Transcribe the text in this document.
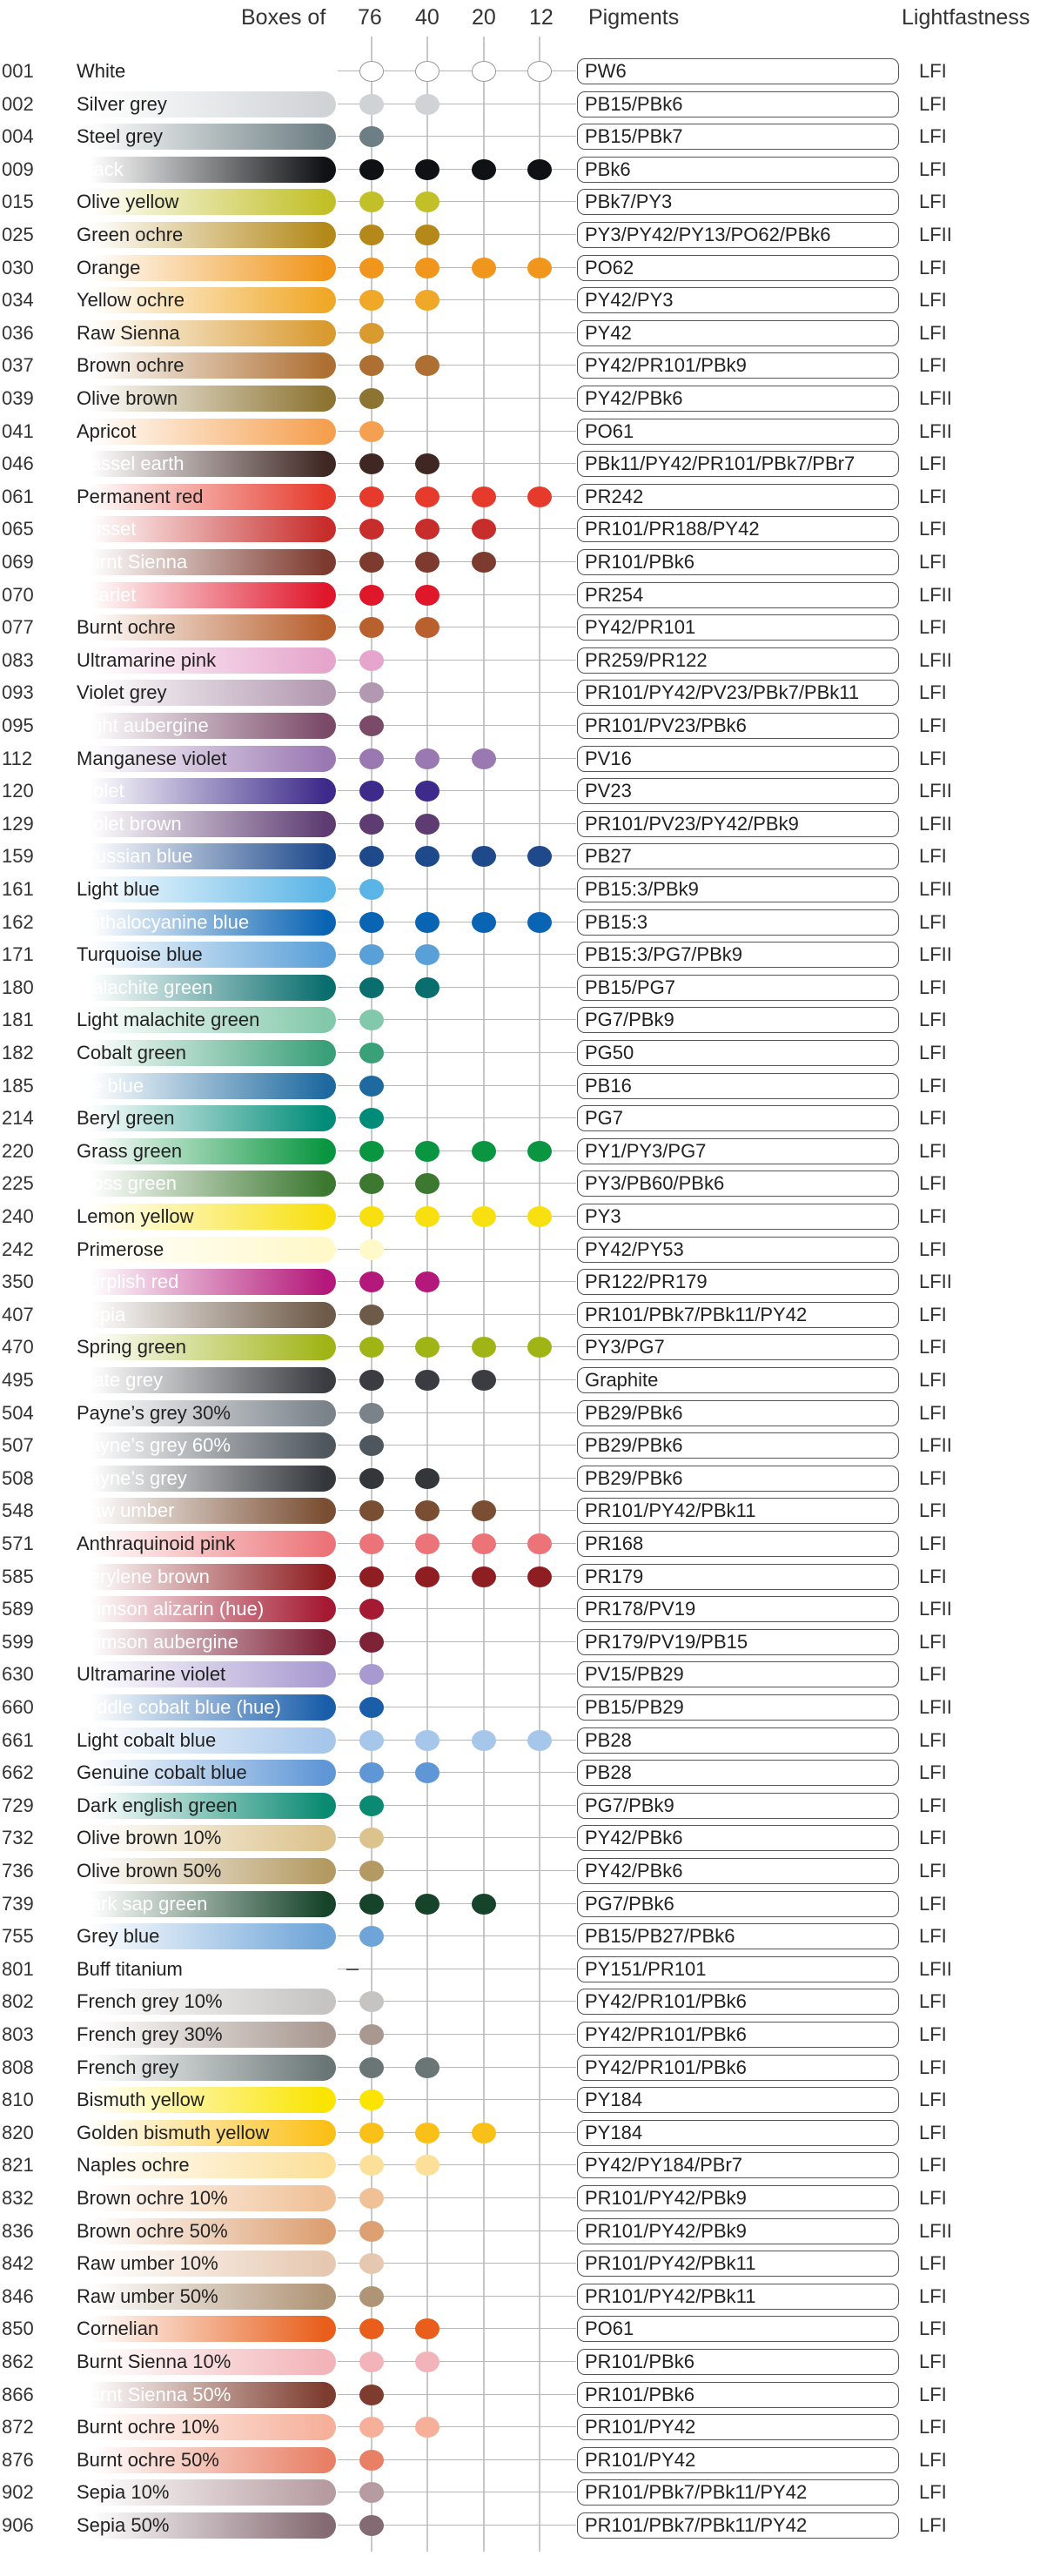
Boxes of 76 40 20 12 Pigments	Lightfastness
001	White	PW6	LFI
002	Silver grey	PB15/PBk6	LFI
004	Steel grey	PB15/PBk7	LFI
009	Black	PBk6	LFI
015	Olive yellow	PBk7/PY3	LFI
025	Green ochre	PY3/PY42/PY13/PO62/PBk6	LFII
030	Orange	PO62	LFI
034	Yellow ochre	PY42/PY3	LFI
036	Raw Sienna	PY42	LFI
037	Brown ochre	PY42/PR101/PBk9	LFI
039	Olive brown	PY42/PBk6	LFII
041	Apricot	PO61	LFII
046	Cassel earth	PBk11/PY42/PR101/PBk7/PBr7	LFI
061	Permanent red	PR242	LFI
065	Russet	PR101/PR188/PY42	LFI
069	Burnt Sienna	PR101/PBk6	LFI
070	Scarlet	PR254	LFII
077	Burnt ochre	PY42/PR101	LFI
083	Ultramarine pink	PR259/PR122	LFII
093	Violet grey	PR101/PY42/PV23/PBk7/PBk11	LFI
095	Light aubergine	PR101/PV23/PBk6	LFI
112	Manganese violet	PV16	LFI
120	Violet	PV23	LFII
129	Violet brown	PR101/PV23/PY42/PBk9	LFII
159	Prussian blue	PB27	LFI
161	Light blue	PB15:3/PBk9	LFII
162	Phthalocyanine blue	PB15:3	LFI
171	Turquoise blue	PB15:3/PG7/PBk9	LFII
180	Malachite green	PB15/PG7	LFI
181	Light malachite green	PG7/PBk9	LFI
182	Cobalt green	PG50	LFI
185	Ice blue	PB16	LFI
214	Beryl green	PG7	LFI
220	Grass green	PY1/PY3/PG7	LFI
225	Moss green	PY3/PB60/PBk6	LFI
240	Lemon yellow	PY3	LFI
242	Primerose	PY42/PY53	LFI
350	Purplish red	PR122/PR179	LFII
407	Sepia	PR101/PBk7/PBk11/PY42	LFI
470	Spring green	PY3/PG7	LFI
495	Slate grey	Graphite	LFI
504	Payne’s grey 30%	PB29/PBk6	LFI
507	Payne’s grey 60%	PB29/PBk6	LFII
508	Payne’s grey	PB29/PBk6	LFI
548	Raw umber	PR101/PY42/PBk11	LFI
571	Anthraquinoid pink	PR168	LFI
585	Perylene brown	PR179	LFI
589	Crimson alizarin (hue)	PR178/PV19	LFII
599	Crimson aubergine	PR179/PV19/PB15	LFI
630	Ultramarine violet	PV15/PB29	LFI
660	Middle cobalt blue (hue)	PB15/PB29	LFII
661	Light cobalt blue	PB28	LFI
662	Genuine cobalt blue	PB28	LFI
729	Dark english green	PG7/PBk9	LFI
732	Olive brown 10%	PY42/PBk6	LFI
736	Olive brown 50%	PY42/PBk6	LFI
739	Dark sap green	PG7/PBk6	LFI
755	Grey blue	PB15/PB27/PBk6	LFI
801	Buff titanium	PY151/PR101	LFII
802	French grey 10%	PY42/PR101/PBk6	LFI
803	French grey 30%	PY42/PR101/PBk6	LFI
808	French grey	PY42/PR101/PBk6	LFI
810	Bismuth yellow	PY184	LFI
820	Golden bismuth yellow	PY184	LFI
821	Naples ochre	PY42/PY184/PBr7	LFI
832	Brown ochre 10%	PR101/PY42/PBk9	LFI
836	Brown ochre 50%	PR101/PY42/PBk9	LFII
842	Raw umber 10%	PR101/PY42/PBk11	LFI
846	Raw umber 50%	PR101/PY42/PBk11	LFI
850	Cornelian	PO61	LFI
862	Burnt Sienna 10%	PR101/PBk6	LFI
866	Burnt Sienna 50%	PR101/PBk6	LFI
872	Burnt ochre 10%	PR101/PY42	LFI
876	Burnt ochre 50%	PR101/PY42	LFI
902	Sepia 10%	PR101/PBk7/PBk11/PY42	LFI
906	Sepia 50%	PR101/PBk7/PBk11/PY42	LFI
